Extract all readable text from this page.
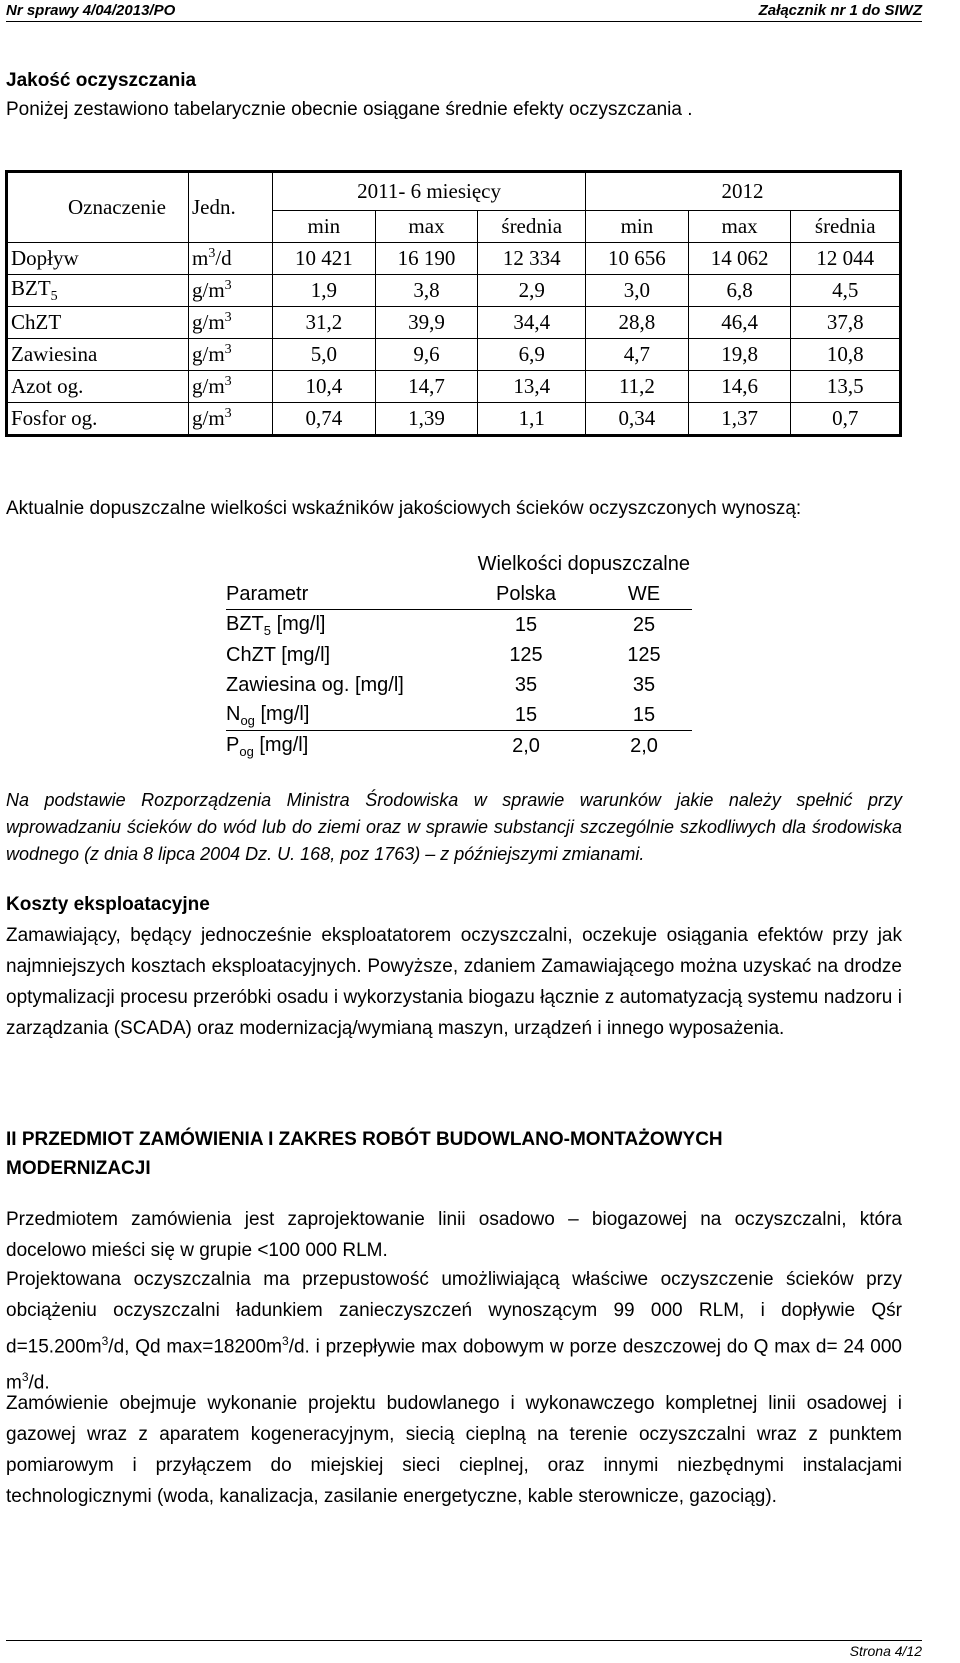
Nr sprawy 4/04/2013/PO	Załącznik nr 1 do SIWZ
Jakość oczyszczania
Poniżej zestawiono tabelarycznie obecnie osiągane średnie efekty oczyszczania .
Oznaczenie	Jedn.	2011- 6 miesięcy			2012		
		min	max	średnia	min	max	średnia
Dopływ	$m^3/d$	10 421	16 190	12 334	10 656	14 062	12 044
$BZT_5$	$g/m^3$	1,9	3,8	2,9	3,0	6,8	4,5
ChZT	$g/m^3$	31,2	39,9	34,4	28,8	46,4	37,8
Zawiesina	$g/m^3$	5,0	9,6	6,9	4,7	19,8	10,8
Azot og.	$g/m^3$	10,4	14,7	13,4	11,2	14,6	13,5
Fosfor og.	$g/m^3$	0,74	1,39	1,1	0,34	1,37	0,7
Aktualnie dopuszczalne wielkości wskaźników jakościowych ścieków oczyszczonych wynoszą:
	Wielkości dopuszczalne	
Parametr	Polska	WE
$BZT_5$ [mg/l]	15	25
ChZT [mg/l]	125	125
Zawiesina og. [mg/l]	35	35
$N_{og}$ [mg/l]	15	15
$P_{og}$ [mg/l]	2,0	2,0
Na podstawie Rozporządzenia Ministra Środowiska w sprawie warunków jakie należy spełnić przy wprowadzaniu ścieków do wód lub do ziemi oraz w sprawie substancji szczególnie szkodliwych dla środowiska wodnego (z dnia 8 lipca 2004 Dz. U. 168, poz 1763) – z późniejszymi zmianami.
Koszty eksploatacyjne
Zamawiający, będący jednocześnie eksploatatorem oczyszczalni, oczekuje osiągania efektów przy jak najmniejszych kosztach eksploatacyjnych. Powyższe, zdaniem Zamawiającego można uzyskać na drodze optymalizacji procesu przeróbki osadu i wykorzystania biogazu łącznie z automatyzacją systemu nadzoru i zarządzania (SCADA) oraz modernizacją/wymianą maszyn, urządzeń i innego wyposażenia.
II PRZEDMIOT ZAMÓWIENIA I ZAKRES ROBÓT BUDOWLANO-MONTAŻOWYCH MODERNIZACJI
Przedmiotem zamówienia jest zaprojektowanie linii osadowo – biogazowej na oczyszczalni, która docelowo mieści się w grupie <100 000 RLM.
Projektowana oczyszczalnia ma przepustowość umożliwiającą właściwe oczyszczenie ścieków przy obciążeniu oczyszczalni ładunkiem zanieczyszczeń wynoszącym 99 000 RLM, i dopływie Qśr $d=15.200m^3/d$, Qd $\max=18200m^3/d$. i przepływie max dobowym w porze deszczowej do Q max d= 24 000 $m^3/d$.
Zamówienie obejmuje wykonanie projektu budowlanego i wykonawczego kompletnej linii osadowej i gazowej wraz z aparatem kogeneracyjnym, siecią cieplną na terenie oczyszczalni wraz z punktem pomiarowym i przyłączem do miejskiej sieci cieplnej, oraz innymi niezbędnymi instalacjami technologicznymi (woda, kanalizacja, zasilanie energetyczne, kable sterownicze, gazociąg).
Strona 4/12
